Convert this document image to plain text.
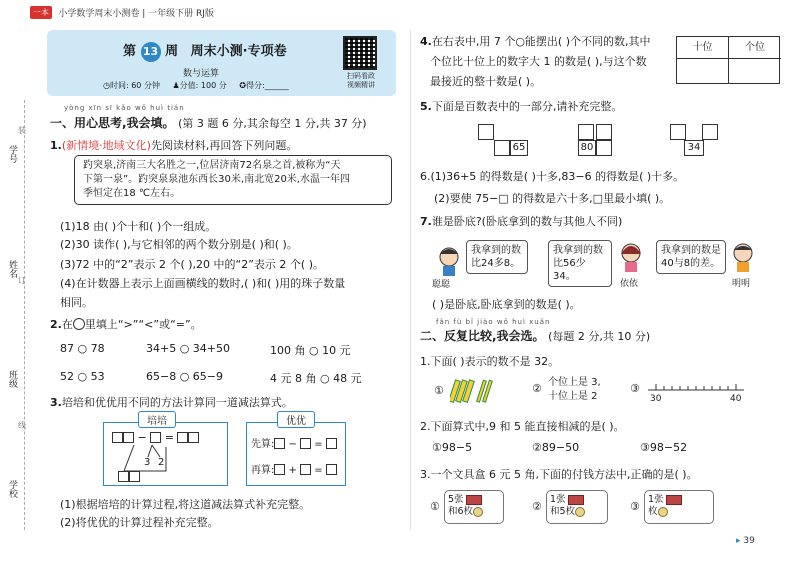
一本 小学数学周末小测卷 | 一年级下册 RJ版
学号
装
姓名
订
班级
线
学校
第 13 周 周末小测·专项卷
数与运算
◷时间: 60 分钟 ♟分值: 100 分 ✪得分:______
扫码看政
视频精讲
yòng xīn sī kǎo wǒ huì tián
一、用心思考,我会填。 (第 3 题 6 分,其余每空 1 分,共 37 分)
1.(新情境·地域文化)先阅读材料,再回答下列问题。
趵突泉,济南三大名胜之一,位居济南72名泉之首,被称为“天
下第一泉”。趵突泉泉池东西长30米,南北宽20米,水温一年四
季恒定在18 ℃左右。
(1)18 由( )个十和( )个一组成。
(2)30 读作( ),与它相邻的两个数分别是( )和( )。
(3)72 中的“2”表示 2 个( ),20 中的“2”表示 2 个( )。
(4)在计数器上表示上面画横线的数时,( )和( )用的珠子数量
相同。
2.在 里填上“>”“<”或“=”。
87 ○ 78	34+5 ○ 34+50	100 角 ○ 10 元
52 ○ 53	65−8 ○ 65−9	4 元 8 角 ○ 48 元
3.培培和优优用不同的方法计算同一道减法算式。
培培
−  =
3 2
优优
先算: −  =
再算: +  =
(1)根据培培的计算过程,将这道减法算式补充完整。
(2)将优优的计算过程补充完整。
4.在右表中,用 7 个○能摆出( )个不同的数,其中
个位比十位上的数字大 1 的数是( ),与这个数
最接近的整十数是( )。
十位	个位
5.下面是百数表中的一部分,请补充完整。
65	80	34
6.(1)36+5 的得数是( )十多,83−6 的得数是( )十多。
(2)要使 75−□ 的得数是六十多,□里最小填( )。
7.谁是卧底?(卧底拿到的数与其他人不同)
我拿到的数比24多8。
聪聪
我拿到的数比56少34。
依依
我拿到的数是40与8的差。
明明
( )是卧底,卧底拿到的数是( )。
fǎn fù bǐ jiào wǒ huì xuǎn
二、反复比较,我会选。 (每题 2 分,共 10 分)
1.下面( )表示的数不是 32。
①	② 个位上是 3,
十位上是 2
③
30	40
2.下面算式中,9 和 5 能直接相减的是( )。
①98−5	②89−50	③98−52
3.一个文具盒 6 元 5 角,下面的付钱方法中,正确的是( )。
①
5张
和6枚	②
1张
和5枚	③
1张
枚
▸ 39
